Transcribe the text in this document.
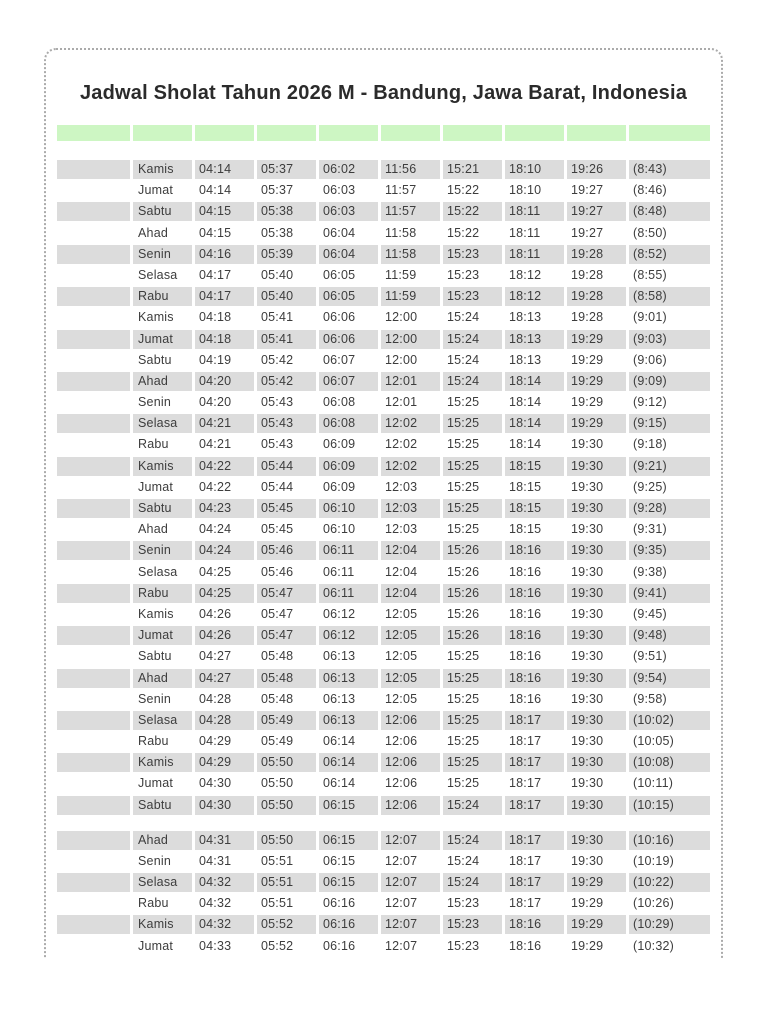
Jadwal Sholat Tahun 2026 M - Bandung, Jawa Barat, Indonesia
Kamis	04:14	05:37	06:02	11:56	15:21	18:10	19:26	(8:43)
Jumat	04:14	05:37	06:03	11:57	15:22	18:10	19:27	(8:46)
Sabtu	04:15	05:38	06:03	11:57	15:22	18:11	19:27	(8:48)
Ahad	04:15	05:38	06:04	11:58	15:22	18:11	19:27	(8:50)
Senin	04:16	05:39	06:04	11:58	15:23	18:11	19:28	(8:52)
Selasa	04:17	05:40	06:05	11:59	15:23	18:12	19:28	(8:55)
Rabu	04:17	05:40	06:05	11:59	15:23	18:12	19:28	(8:58)
Kamis	04:18	05:41	06:06	12:00	15:24	18:13	19:28	(9:01)
Jumat	04:18	05:41	06:06	12:00	15:24	18:13	19:29	(9:03)
Sabtu	04:19	05:42	06:07	12:00	15:24	18:13	19:29	(9:06)
Ahad	04:20	05:42	06:07	12:01	15:24	18:14	19:29	(9:09)
Senin	04:20	05:43	06:08	12:01	15:25	18:14	19:29	(9:12)
Selasa	04:21	05:43	06:08	12:02	15:25	18:14	19:29	(9:15)
Rabu	04:21	05:43	06:09	12:02	15:25	18:14	19:30	(9:18)
Kamis	04:22	05:44	06:09	12:02	15:25	18:15	19:30	(9:21)
Jumat	04:22	05:44	06:09	12:03	15:25	18:15	19:30	(9:25)
Sabtu	04:23	05:45	06:10	12:03	15:25	18:15	19:30	(9:28)
Ahad	04:24	05:45	06:10	12:03	15:25	18:15	19:30	(9:31)
Senin	04:24	05:46	06:11	12:04	15:26	18:16	19:30	(9:35)
Selasa	04:25	05:46	06:11	12:04	15:26	18:16	19:30	(9:38)
Rabu	04:25	05:47	06:11	12:04	15:26	18:16	19:30	(9:41)
Kamis	04:26	05:47	06:12	12:05	15:26	18:16	19:30	(9:45)
Jumat	04:26	05:47	06:12	12:05	15:26	18:16	19:30	(9:48)
Sabtu	04:27	05:48	06:13	12:05	15:25	18:16	19:30	(9:51)
Ahad	04:27	05:48	06:13	12:05	15:25	18:16	19:30	(9:54)
Senin	04:28	05:48	06:13	12:05	15:25	18:16	19:30	(9:58)
Selasa	04:28	05:49	06:13	12:06	15:25	18:17	19:30	(10:02)
Rabu	04:29	05:49	06:14	12:06	15:25	18:17	19:30	(10:05)
Kamis	04:29	05:50	06:14	12:06	15:25	18:17	19:30	(10:08)
Jumat	04:30	05:50	06:14	12:06	15:25	18:17	19:30	(10:11)
Sabtu	04:30	05:50	06:15	12:06	15:24	18:17	19:30	(10:15)
Ahad	04:31	05:50	06:15	12:07	15:24	18:17	19:30	(10:16)
Senin	04:31	05:51	06:15	12:07	15:24	18:17	19:30	(10:19)
Selasa	04:32	05:51	06:15	12:07	15:24	18:17	19:29	(10:22)
Rabu	04:32	05:51	06:16	12:07	15:23	18:17	19:29	(10:26)
Kamis	04:32	05:52	06:16	12:07	15:23	18:16	19:29	(10:29)
Jumat	04:33	05:52	06:16	12:07	15:23	18:16	19:29	(10:32)
